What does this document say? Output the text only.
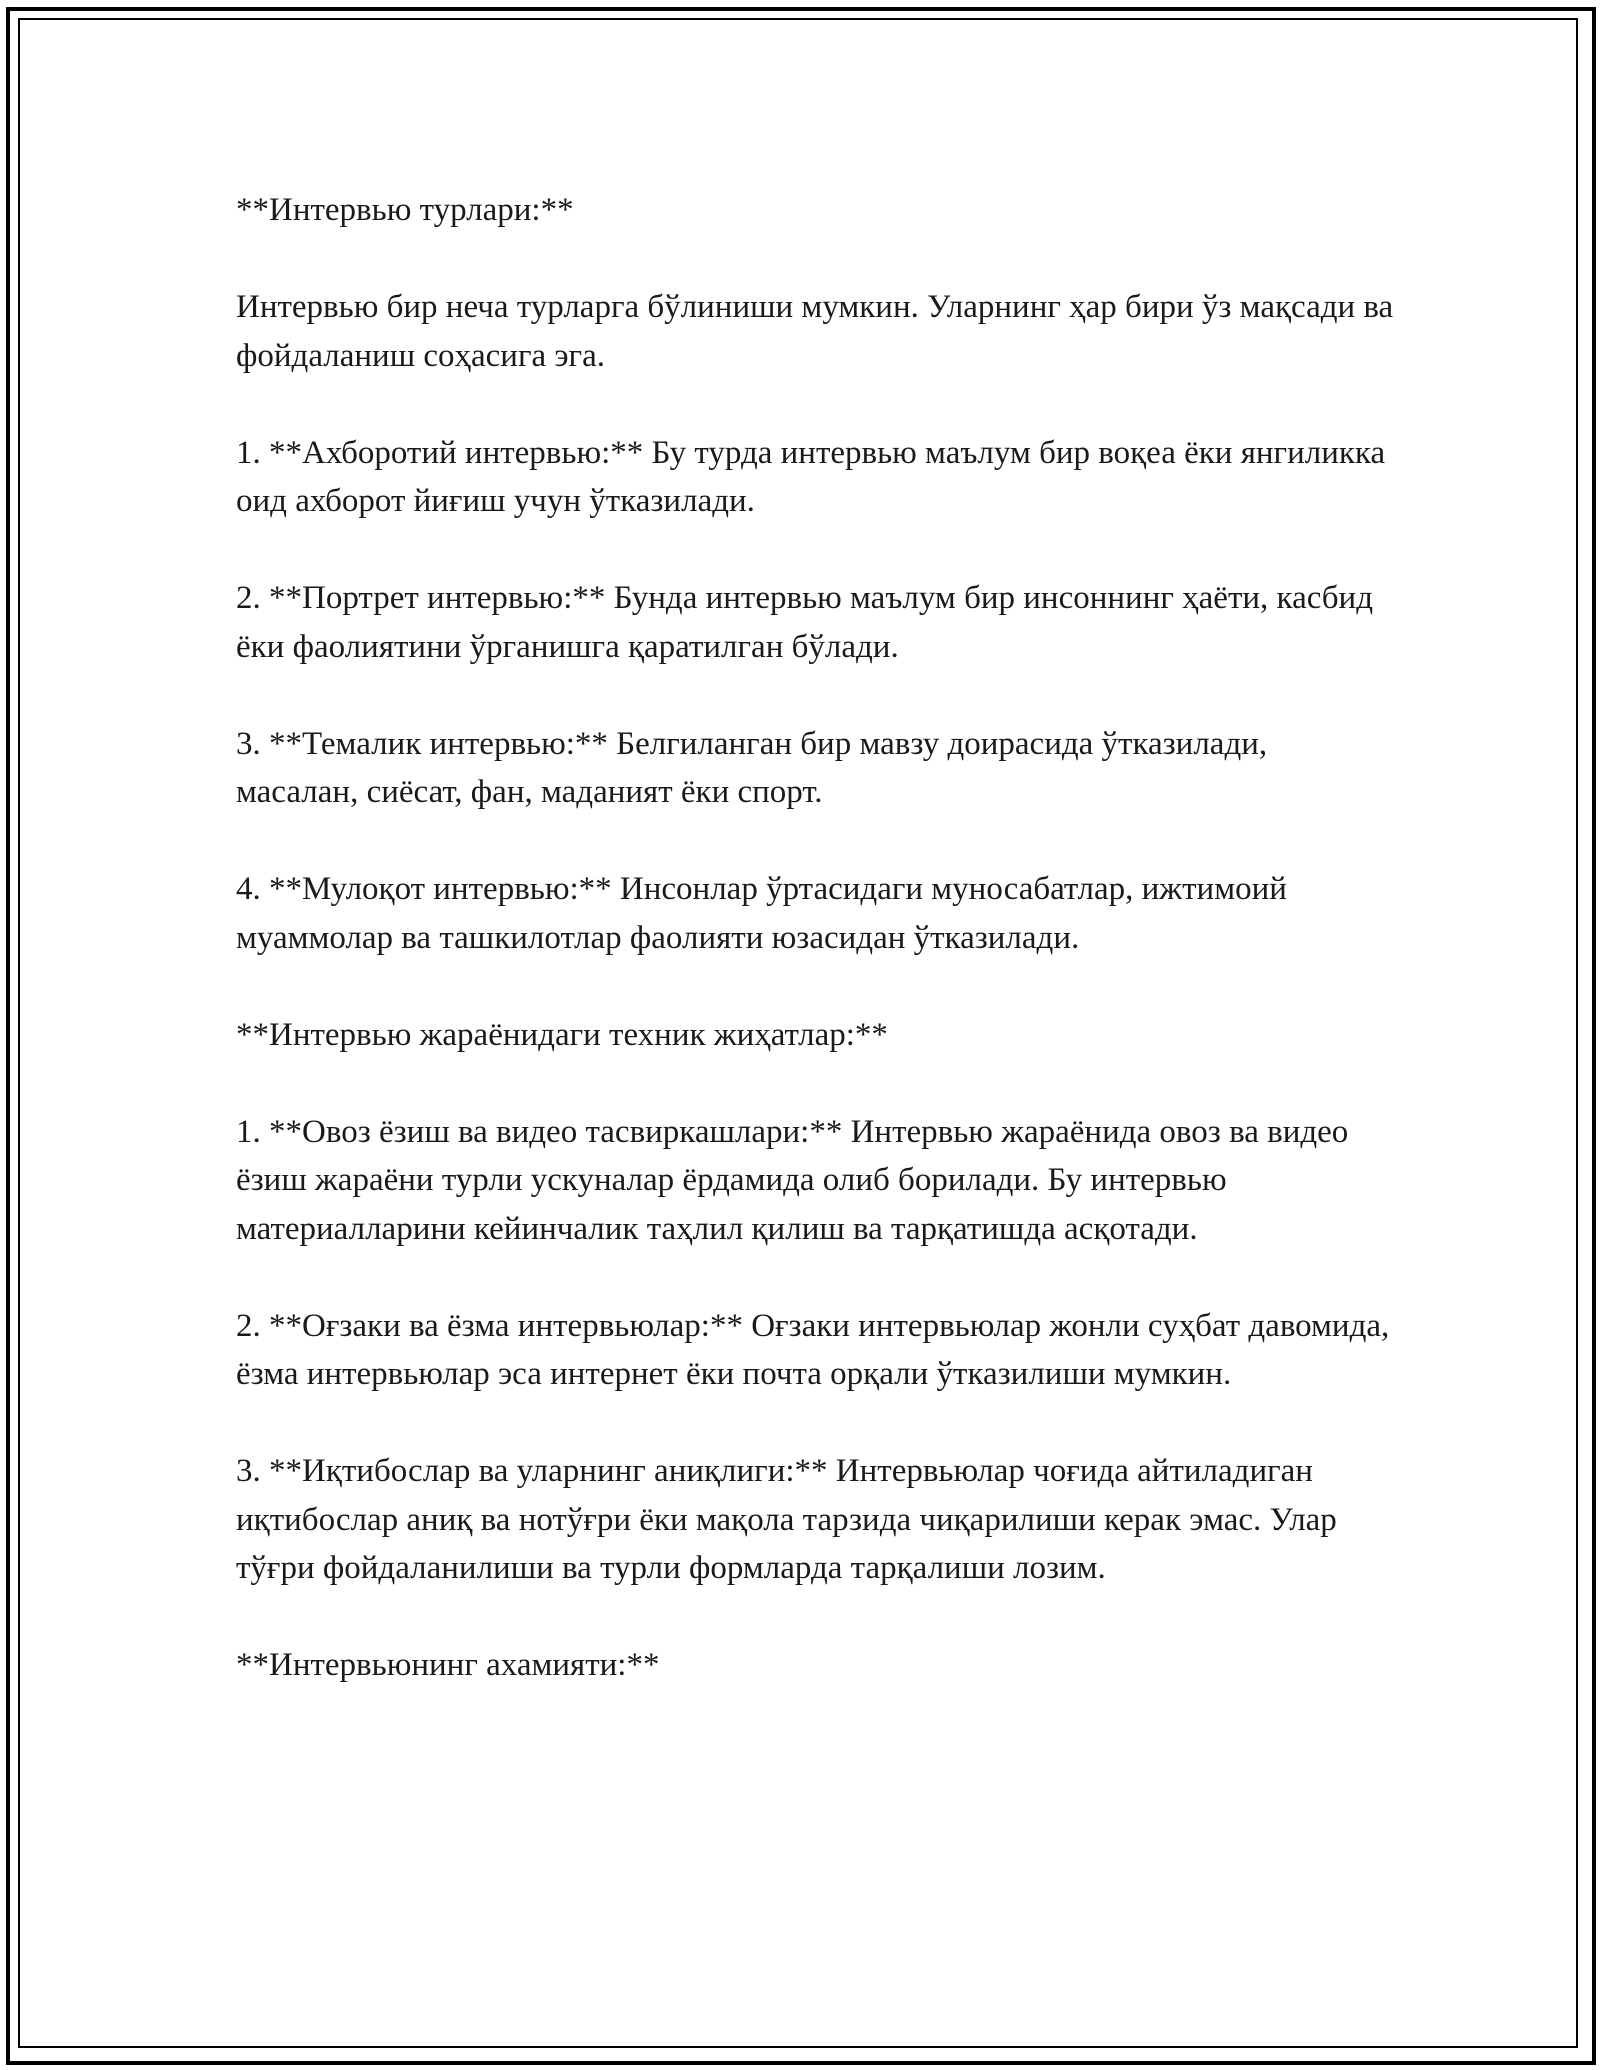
**Интервью турлари:**

Интервью бир неча турларга бўлиниши мумкин. Уларнинг ҳар бири ўз мақсади ва фойдаланиш соҳасига эга.

1. **Ахборотий интервью:** Бу турда интервью маълум бир воқеа ёки янгиликка оид ахборот йиғиш учун ўтказилади.

2. **Портрет интервью:** Бунда интервью маълум бир инсоннинг ҳаёти, касбид ёки фаолиятини ўрганишга қаратилган бўлади.

3. **Темалик интервью:** Белгиланган бир мавзу доирасида ўтказилади, масалан, сиёсат, фан, маданият ёки спорт.

4. **Мулоқот интервью:** Инсонлар ўртасидаги муносабатлар, ижтимоий муаммолар ва ташкилотлар фаолияти юзасидан ўтказилади.

**Интервью жараёнидаги техник жиҳатлар:**

1. **Овоз ёзиш ва видео тасвиркашлари:** Интервью жараёнида овоз ва видео ёзиш жараёни турли ускуналар ёрдамида олиб борилади. Бу интервью материалларини кейинчалик таҳлил қилиш ва тарқатишда асқотади.

2. **Оғзаки ва ёзма интервьюлар:** Оғзаки интервьюлар жонли суҳбат давомида, ёзма интервьюлар эса интернет ёки почта орқали ўтказилиши мумкин.

3. **Иқтибослар ва уларнинг аниқлиги:** Интервьюлар чоғида айтиладиган иқтибослар аниқ ва нотўғри ёки мақола тарзида чиқарилиши керак эмас. Улар тўғри фойдаланилиши ва турли формларда тарқалиши лозим.

**Интервьюнинг ахамияти:**
